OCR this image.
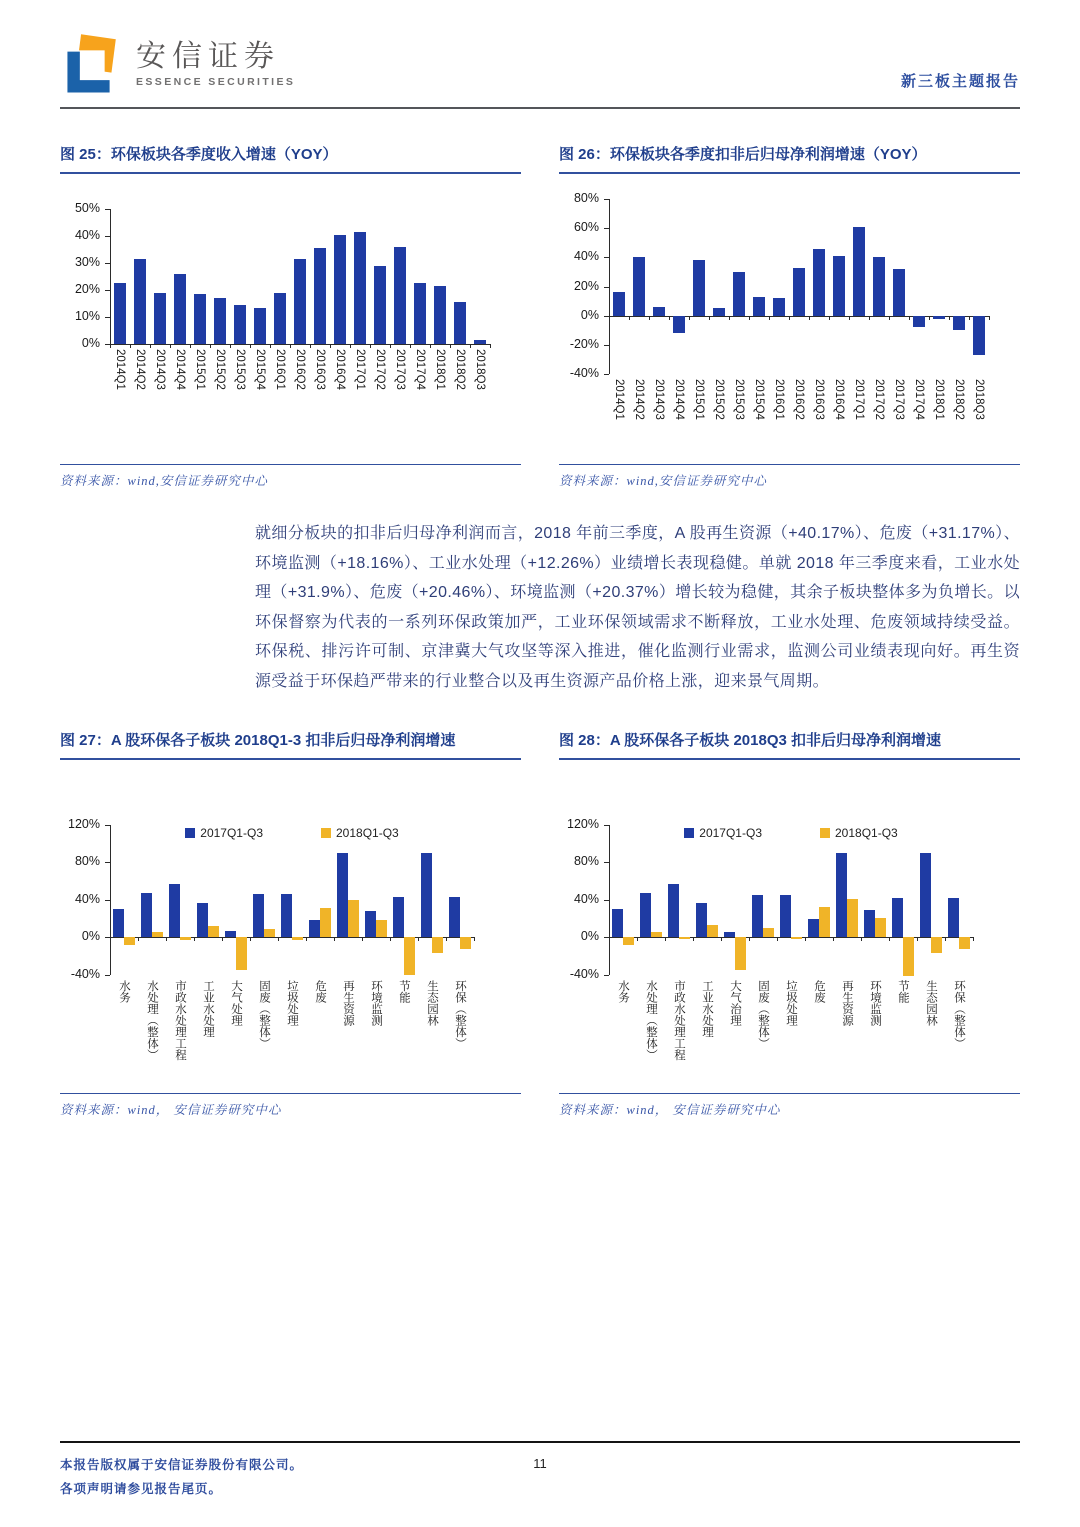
安信证券
ESSENCE SECURITIES	新三板主题报告
图 25：环保板块各季度收入增速（YOY）
0%
10%
20%
30%
40%
50%
2014Q1 2014Q2 2014Q3 2014Q4 2015Q1 2015Q2 2015Q3 2015Q4 2016Q1 2016Q2 2016Q3 2016Q4 2017Q1 2017Q2 2017Q3 2017Q4 2018Q1 2018Q2 2018Q3
资料来源：wind,安信证券研究中心
图 26：环保板块各季度扣非后归母净利润增速（YOY）
-40%
-20%
0%
20%
40%
60%
80%
2014Q1 2014Q2 2014Q3 2014Q4 2015Q1 2015Q2 2015Q3 2015Q4 2016Q1 2016Q2 2016Q3 2016Q4 2017Q1 2017Q2 2017Q3 2017Q4 2018Q1 2018Q2 2018Q3
资料来源：wind,安信证券研究中心

就细分板块的扣非后归母净利润而言，2018 年前三季度，A 股再生资源（+40.17%）、危废（+31.17%）、环境监测（+18.16%）、工业水处理（+12.26%）业绩增长表现稳健。单就 2018 年三季度来看，工业水处理（+31.9%）、危废（+20.46%）、环境监测（+20.37%）增长较为稳健，其余子板块整体多为负增长。以环保督察为代表的一系列环保政策加严，工业环保领域需求不断释放，工业水处理、危废领域持续受益。环保税、排污许可制、京津冀大气攻坚等深入推进，催化监测行业需求，监测公司业绩表现向好。再生资源受益于环保趋严带来的行业整合以及再生资源产品价格上涨，迎来景气周期。

图 27：A 股环保各子板块 2018Q1-3 扣非后归母净利润增速
-40%
0%
40%
80%
120%
2017Q1-Q3	2018Q1-Q3
水务 水处理（整体） 市政水处理工程 工业水处理 大气处理 固废（整体） 垃圾处理 危废 再生资源 环境监测 节能 生态园林 环保（整体）
资料来源：wind， 安信证券研究中心
图 28：A 股环保各子板块 2018Q3 扣非后归母净利润增速
-40%
0%
40%
80%
120%
2017Q1-Q3	2018Q1-Q3
水务 水处理（整体） 市政水处理工程 工业水处理 大气治理 固废（整体） 垃圾处理 危废 再生资源 环境监测 节能 生态园林 环保（整体）
资料来源：wind， 安信证券研究中心
本报告版权属于安信证券股份有限公司。
各项声明请参见报告尾页。
11
